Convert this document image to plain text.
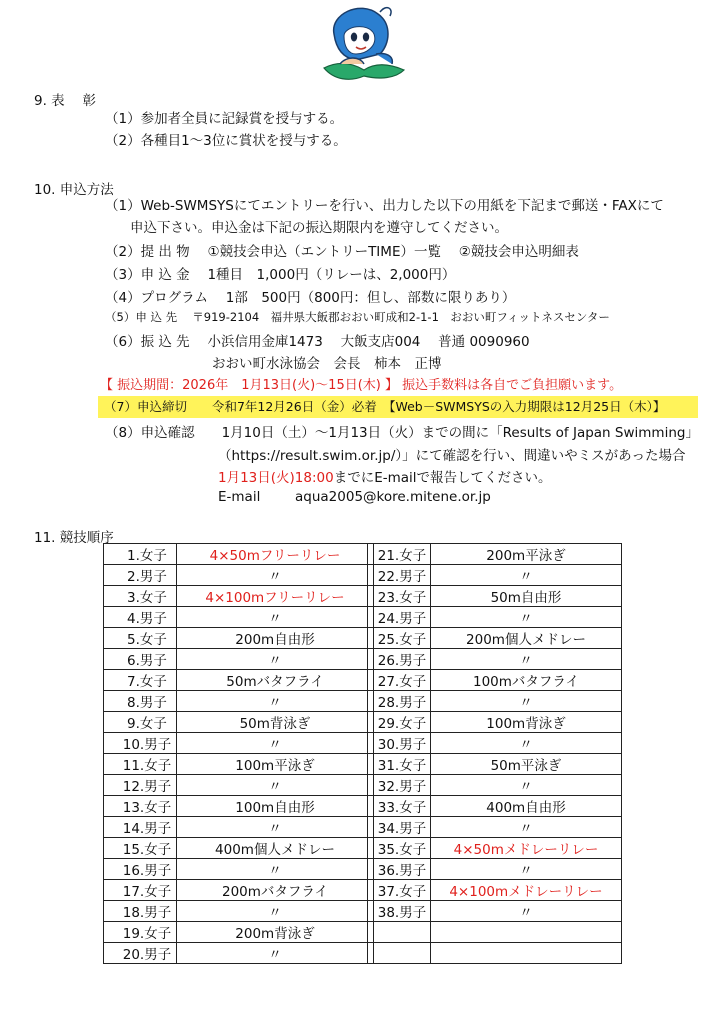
9. 表　 彰
（1）参加者全員に記録賞を授与する。
（2）各種目1～3位に賞状を授与する。
10. 申込方法
（1）Web-SWMSYSにてエントリーを行い、出力した以下の用紙を下記まで郵送・FAXにて
申込下さい。申込金は下記の振込期限内を遵守してください。
（2）提 出 物　 ①競技会申込（エントリーTIME）一覧　 ②競技会申込明細表
（3）申 込 金　 1種目　1,000円（リレーは、2,000円）
（4）プログラム　 1部　500円（800円：但し、部数に限りあり）
（5）申 込 先　 〒919-2104　福井県大飯郡おおい町成和2-1-1　おおい町フィットネスセンター
（6）振 込 先　 小浜信用金庫1473　 大飯支店004　 普通 0090960
おおい町水泳協会　会長　柿本　正博
【 振込期間：2026年　1月13日(火)～15日(木) 】 振込手数料は各自でご負担願います。
（7）申込締切　　令和7年12月26日（金）必着　【Web－SWMSYSの入力期限は12月25日（木）】
（8）申込確認　　1月10日（土）～1月13日（火）までの間に「Results of Japan Swimming」
（https://result.swim.or.jp/）」にて確認を行い、間違いやミスがあった場合
1月13日(火)18:00までにE-mailで報告してください。
E-mail	aqua2005@kore.mitene.or.jp
11. 競技順序
1.女子	4×50mフリーリレー
2.男子	〃
3.女子	4×100mフリーリレー
4.男子	〃
5.女子	200m自由形
6.男子	〃
7.女子	50mバタフライ
8.男子	〃
9.女子	50m背泳ぎ
10.男子	〃
11.女子	100m平泳ぎ
12.男子	〃
13.女子	100m自由形
14.男子	〃
15.女子	400m個人メドレー
16.男子	〃
17.女子	200mバタフライ
18.男子	〃
19.女子	200m背泳ぎ
20.男子	〃
21.女子	200m平泳ぎ
22.男子	〃
23.女子	50m自由形
24.男子	〃
25.女子	200m個人メドレー
26.男子	〃
27.女子	100mバタフライ
28.男子	〃
29.女子	100m背泳ぎ
30.男子	〃
31.女子	50m平泳ぎ
32.男子	〃
33.女子	400m自由形
34.男子	〃
35.女子	4×50mメドレーリレー
36.男子	〃
37.女子	4×100mメドレーリレー
38.男子	〃
